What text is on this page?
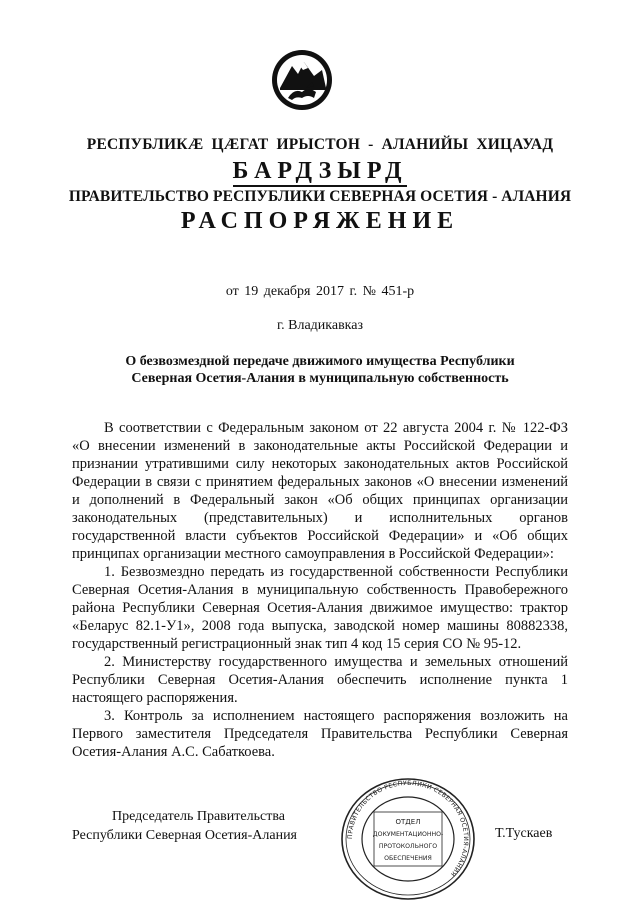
РЕСПУБЛИКӔ ЦӔГАТ ИРЫСТОН - АЛАНИЙЫ ХИЦАУАД
БАРДЗЫРД
ПРАВИТЕЛЬСТВО РЕСПУБЛИКИ СЕВЕРНАЯ ОСЕТИЯ - АЛАНИЯ
РАСПОРЯЖЕНИЕ
от 19 декабря 2017 г. № 451-р
г. Владикавказ
О безвозмездной передаче движимого имущества Республики Северная Осетия-Алания в муниципальную собственность

В соответствии с Федеральным законом от 22 августа 2004 г. № 122-ФЗ «О внесении изменений в законодательные акты Российской Федерации и признании утратившими силу некоторых законодательных актов Российской Федерации в связи с принятием федеральных законов «О внесении изменений и дополнений в Федеральный закон «Об общих принципах организации законодательных (представительных) и исполнительных органов государственной власти субъектов Российской Федерации» и «Об общих принципах организации местного самоуправления в Российской Федерации»:

1. Безвозмездно передать из государственной собственности Республики Северная Осетия-Алания в муниципальную собственность Правобережного района Республики Северная Осетия-Алания движимое имущество: трактор «Беларус 82.1-У1», 2008 года выпуска, заводской номер машины 80882338, государственный регистрационный знак тип 4 код 15 серия СО № 95-12.

2. Министерству государственного имущества и земельных отношений Республики Северная Осетия-Алания обеспечить исполнение пункта 1 настоящего распоряжения.

3. Контроль за исполнением настоящего распоряжения возложить на Первого заместителя Председателя Правительства Республики Северная Осетия-Алания А.С. Сабаткоева.

Председатель Правительства
Республики Северная Осетия-Алания	Т.Тускаев
ПРАВИТЕЛЬСТВО РЕСПУБЛИКИ СЕВЕРНАЯ ОСЕТИЯ-АЛАНИЯ
ОТДЕЛ
ДОКУМЕНТАЦИОННО-
ПРОТОКОЛЬНОГО
ОБЕСПЕЧЕНИЯ
